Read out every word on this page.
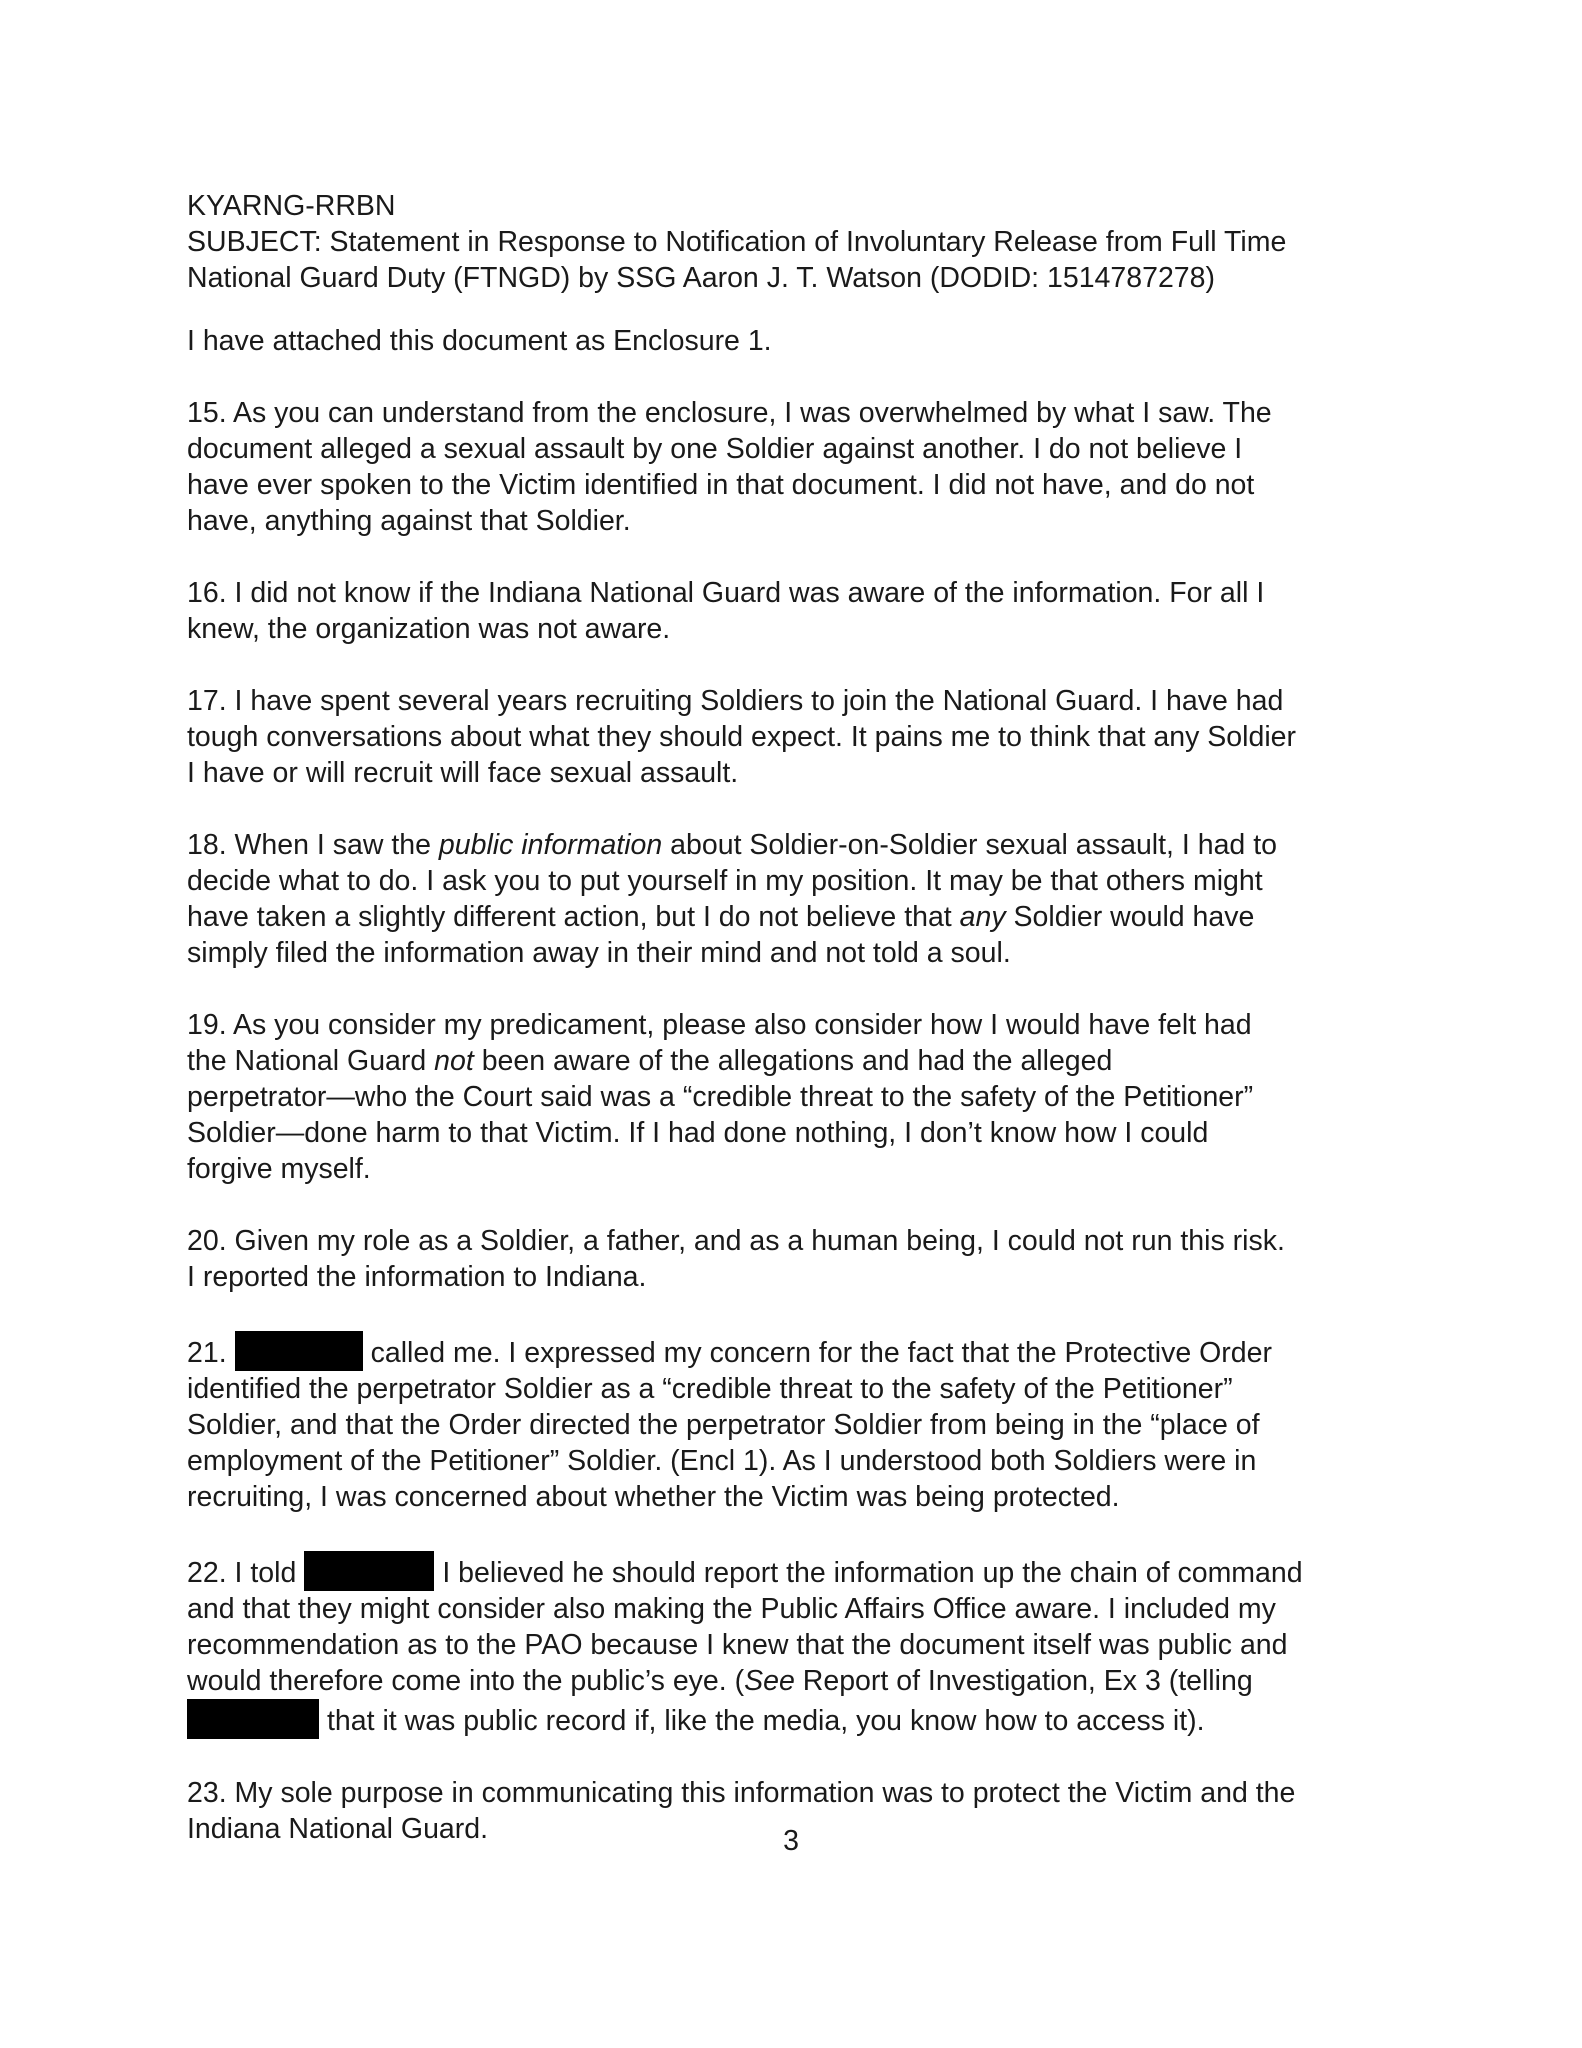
KYARNG-RRBN
SUBJECT: Statement in Response to Notification of Involuntary Release from Full Time
National Guard Duty (FTNGD) by SSG Aaron J. T. Watson (DODID: 1514787278)
I have attached this document as Enclosure 1.
15. As you can understand from the enclosure, I was overwhelmed by what I saw. The
document alleged a sexual assault by one Soldier against another. I do not believe I
have ever spoken to the Victim identified in that document. I did not have, and do not
have, anything against that Soldier.
16. I did not know if the Indiana National Guard was aware of the information. For all I
knew, the organization was not aware.
17. I have spent several years recruiting Soldiers to join the National Guard. I have had
tough conversations about what they should expect. It pains me to think that any Soldier
I have or will recruit will face sexual assault.
18. When I saw the public information about Soldier-on-Soldier sexual assault, I had to
decide what to do. I ask you to put yourself in my position. It may be that others might
have taken a slightly different action, but I do not believe that any Soldier would have
simply filed the information away in their mind and not told a soul.
19. As you consider my predicament, please also consider how I would have felt had
the National Guard not been aware of the allegations and had the alleged
perpetrator—who the Court said was a “credible threat to the safety of the Petitioner”
Soldier—done harm to that Victim. If I had done nothing, I don’t know how I could
forgive myself.
20. Given my role as a Soldier, a father, and as a human being, I could not run this risk.
I reported the information to Indiana.
21.	called me. I expressed my concern for the fact that the Protective Order
identified the perpetrator Soldier as a “credible threat to the safety of the Petitioner”
Soldier, and that the Order directed the perpetrator Soldier from being in the “place of
employment of the Petitioner” Soldier. (Encl 1). As I understood both Soldiers were in
recruiting, I was concerned about whether the Victim was being protected.
22. I told	I believed he should report the information up the chain of command
and that they might consider also making the Public Affairs Office aware. I included my
recommendation as to the PAO because I knew that the document itself was public and
would therefore come into the public’s eye. (See Report of Investigation, Ex 3 (telling
that it was public record if, like the media, you know how to access it).
23. My sole purpose in communicating this information was to protect the Victim and the
Indiana National Guard.	3
